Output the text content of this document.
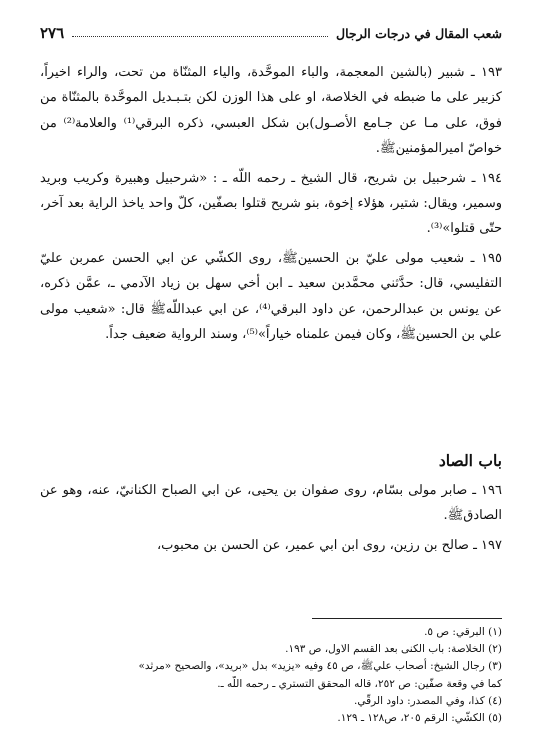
شعب المقال في درجات الرجال
٢٧٦

١٩٣ ـ شبير (بالشين المعجمة، والباء الموحَّدة، والياء المثنّاة من تحت، والراء اخيراً، كزبير على ما ضبطه في الخلاصة، او على هذا الوزن لكن بتـبـديل الموحَّدة بالمثنّاة من فوق، على مـا عن جـامع الأصـول)بن شكل العبسي، ذكره البرقي⁽¹⁾ والعلامة⁽²⁾ من خواصّ اميرالمؤمنينﷺ.

١٩٤ ـ شرحبيل بن شريح، قال الشيخ ـ رحمه اللّه ـ : «شرحبيل وهبيرة وكريب وبريد وسمير، ويقال: شتير، هؤلاء إخوة، بنو شريح قتلوا بصفّين، كلّ واحد ياخذ الراية بعد آخر، حتّى قتلوا»⁽³⁾.

١٩٥ ـ شعيب مولى عليّ بن الحسينﷺ، روى الكشّي عن ابي الحسن عمربن عليّ التفليسي، قال: حدَّثني محمَّدبن سعيد ـ ابن أخي سهل بن زياد الآدمي ـ، عمَّن ذكره، عن يونس بن عبدالرحمن، عن داود البرقي⁽⁴⁾، عن ابي عبداللّهﷺ قال: «شعيب مولى علي بن الحسينﷺ، وكان فيمن علمناه خياراً»⁽⁵⁾، وسند الرواية ضعيف جداً.

باب الصاد

١٩٦ ـ صابر مولى بسّام، روى صفوان بن يحيى، عن ابي الصباح الكنانيّ، عنه، وهو عن الصادقﷺ.

١٩٧ ـ صالح بن رزين، روى ابن ابي عمير، عن الحسن بن محبوب،

(١) البرقي: ص ٥.

(٢) الخلاصة: باب الكنى بعد القسم الاول، ص ١٩٣.

(٣) رجال الشيخ: أصحاب عليﷺ، ص ٤٥ وفيه «يزيد» بدل «بريد»، والصحيح «مرثد»

كما في وقعة صفّين: ص ٢٥٢، قاله المحقق التستري ـ رحمه اللّه ـ.

(٤) كذا، وفي المصدر: داود الرقّي.

(٥) الكشّي: الرقم ٢٠٥، ص١٢٨ ـ ١٢٩.
